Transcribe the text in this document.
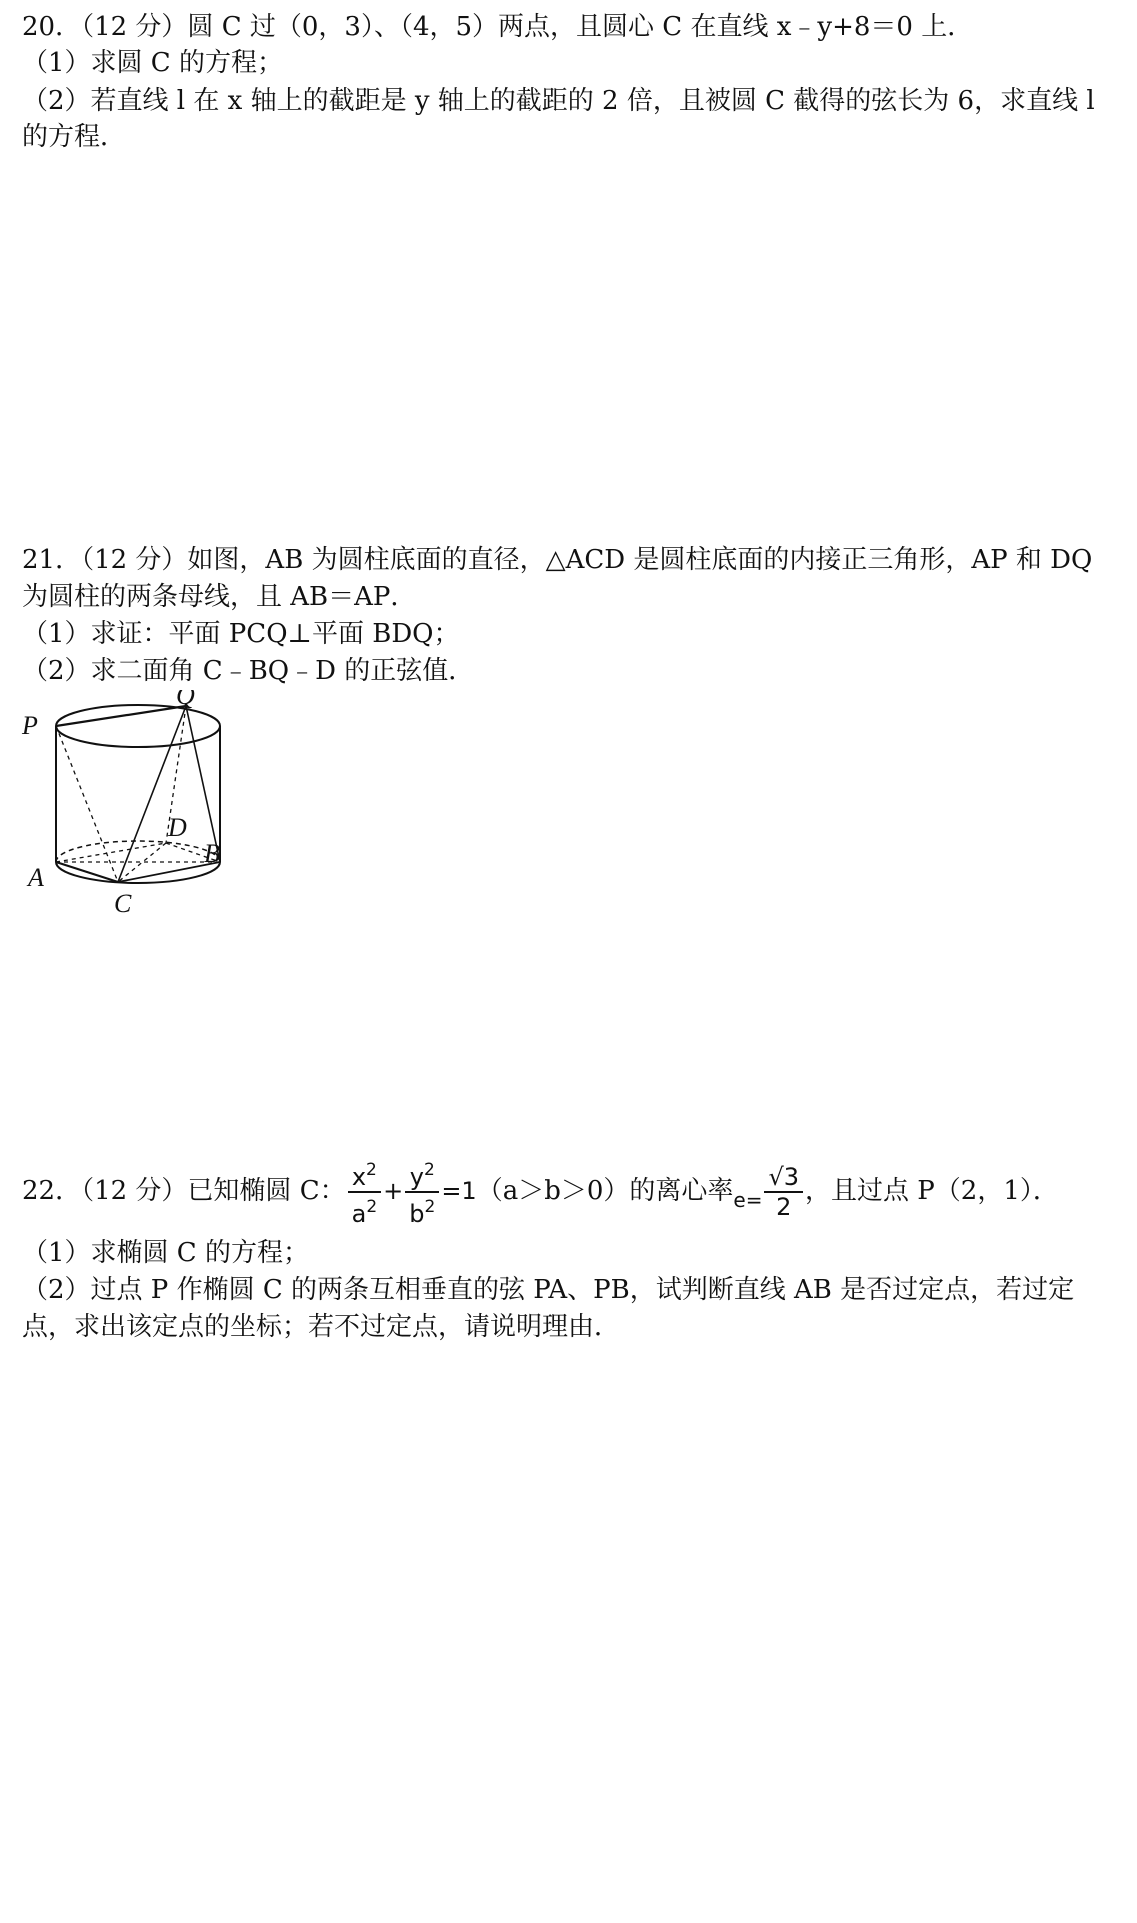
20．（12 分）圆 C 过（0，3）、（4，5）两点，且圆心 C 在直线 x﹣y+8＝0 上．
（1）求圆 C 的方程；
（2）若直线 l 在 x 轴上的截距是 y 轴上的截距的 2 倍，且被圆 C 截得的弦长为 6，求直线 l
的方程．
21．（12 分）如图，AB 为圆柱底面的直径，△ACD 是圆柱底面的内接正三角形，AP 和 DQ
为圆柱的两条母线，且 AB＝AP．
（1）求证：平面 PCQ⊥平面 BDQ；
（2）求二面角 C﹣BQ﹣D 的正弦值．
Q
P
D
B
A
C
22．（12 分）已知椭圆 C： $\frac{x^2}{a^2} + \frac{y^2}{b^2} =1(a>b>0)$的离心率$_{e=} \frac{√3}{2}$ ，且过点 P（2，1）．
（1）求椭圆 C 的方程；
（2）过点 P 作椭圆 C 的两条互相垂直的弦 PA、PB，试判断直线 AB 是否过定点，若过定
点，求出该定点的坐标；若不过定点，请说明理由．
